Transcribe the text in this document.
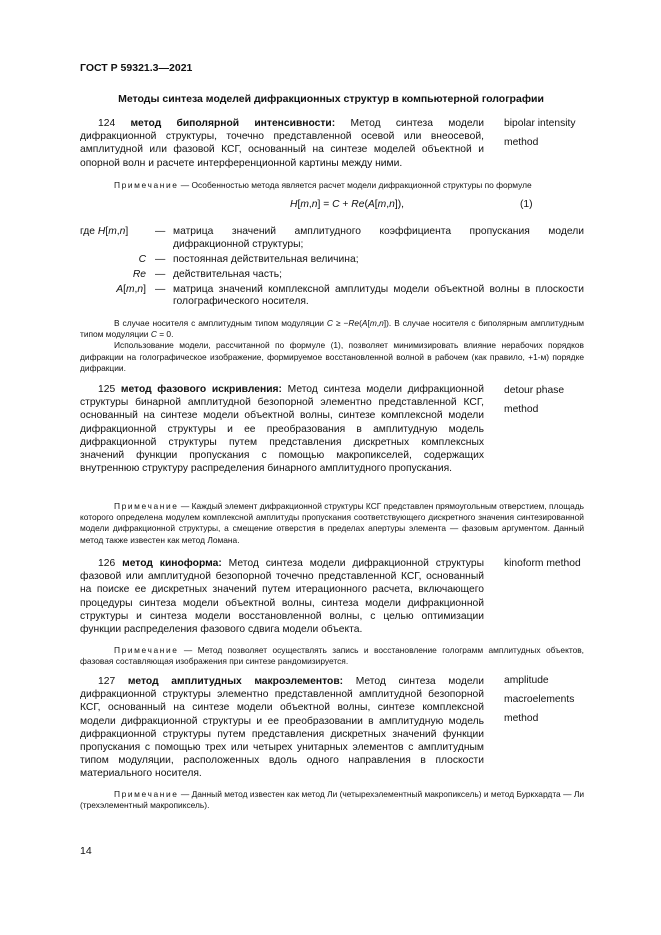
ГОСТ Р 59321.3—2021
Методы синтеза моделей дифракционных структур в компьютерной голографии
124 метод биполярной интенсивности: Метод синтеза модели дифракционной структуры, точечно представленной осевой или внеосевой, амплитудной или фазовой КСГ, основанный на синтезе моделей объектной и опорной волн и расчете интерференционной картины между ними.
bipolar intensity
method
Примечание — Особенностью метода является расчет модели дифракционной структуры по формуле
H[m,n] = C + Re(A[m,n]),	(1)
где H[m,n]	— матрица значений амплитудного коэффициента пропускания модели дифракционной структуры;
C — постоянная действительная величина;
Re — действительная часть;
A[m,n] — матрица значений комплексной амплитуды модели объектной волны в плоскости голографического носителя.
В случае носителя с амплитудным типом модуляции C ≥ −Re(A[m,n]). В случае носителя с биполярным амплитудным типом модуляции C = 0.
Использование модели, рассчитанной по формуле (1), позволяет минимизировать влияние нерабочих порядков дифракции на голографическое изображение, формируемое восстановленной волной в рабочем (как правило, +1-м) порядке дифракции.
125 метод фазового искривления: Метод синтеза модели дифракционной структуры бинарной амплитудной безопорной элементно представленной КСГ, основанный на синтезе модели объектной волны, синтезе комплексной модели дифракционной структуры и ее преобразования в амплитудную модель дифракционной структуры путем представления дискретных комплексных значений функции пропускания с помощью макропикселей, содержащих внутреннюю структуру распределения бинарного амплитудного пропускания.
detour phase
method
Примечание — Каждый элемент дифракционной структуры КСГ представлен прямоугольным отверстием, площадь которого определена модулем комплексной амплитуды пропускания соответствующего дискретного значения синтезированной модели дифракционной структуры, а смещение отверстия в пределах апертуры элемента — фазовым аргументом. Данный метод также известен как метод Ломана.
126 метод киноформа: Метод синтеза модели дифракционной структуры фазовой или амплитудной безопорной точечно представленной КСГ, основанный на поиске ее дискретных значений путем итерационного расчета, включающего процедуры синтеза модели объектной волны, синтеза модели дифракционной структуры и синтеза модели восстановленной волны, с целью оптимизации функции распределения фазового сдвига модели объекта.
kinoform method
Примечание — Метод позволяет осуществлять запись и восстановление голограмм амплитудных объектов, фазовая составляющая изображения при синтезе рандомизируется.
127 метод амплитудных макроэлементов: Метод синтеза модели дифракционной структуры элементно представленной амплитудной безопорной КСГ, основанный на синтезе модели объектной волны, синтезе комплексной модели дифракционной структуры и ее преобразовании в амплитудную модель дифракционной структуры путем представления дискретных значений функции пропускания с помощью трех или четырех унитарных элементов с амплитудным типом модуляции, расположенных вдоль одного направления в плоскости материального носителя.
amplitude
macroelements
method
Примечание — Данный метод известен как метод Ли (четырехэлементный макропиксель) и метод Буркхардта — Ли (трехэлементный макропиксель).
14
